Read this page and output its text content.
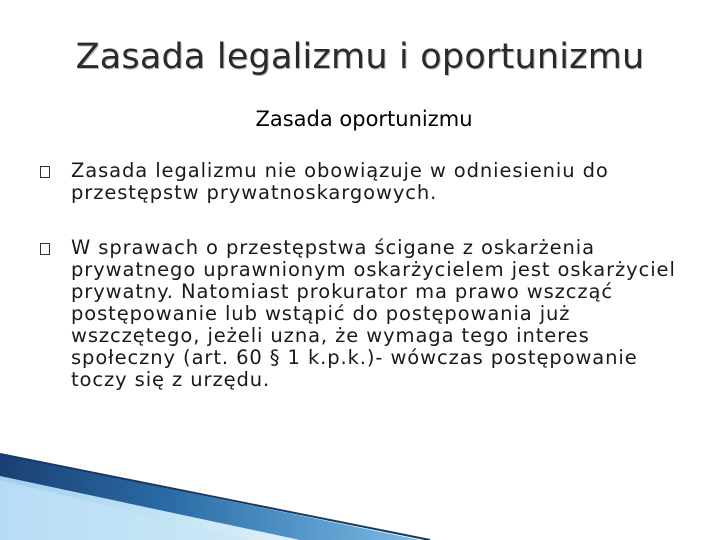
Zasada legalizmu i oportunizmu
Zasada oportunizmu
Zasada legalizmu nie obowiązuje w odniesieniu do przestępstw prywatnoskargowych.
W sprawach o przestępstwa ścigane z oskarżenia prywatnego uprawnionym oskarżycielem jest oskarżyciel prywatny. Natomiast prokurator ma prawo wszcząć postępowanie lub wstąpić do postępowania już wszczętego, jeżeli uzna, że wymaga tego interes społeczny (art. 60 § 1 k.p.k.)- wówczas postępowanie toczy się z urzędu.
